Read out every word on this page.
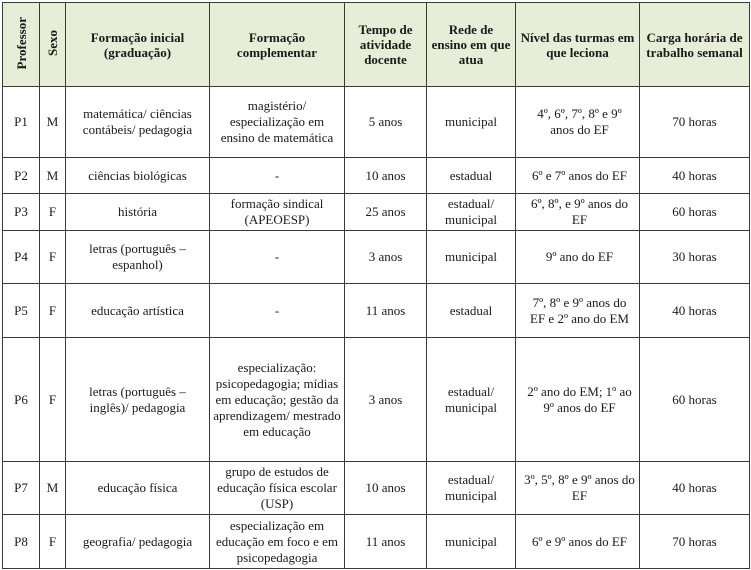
Professor	Sexo	Formação inicial (graduação)	Formação complementar	Tempo de atividade docente	Rede de ensino em que atua	Nível das turmas em que leciona	Carga horária de trabalho semanal
P1	M	matemática/ ciências contábeis/ pedagogia	magistério/ especialização em ensino de matemática	5 anos	municipal	4º, 6º, 7º, 8º e 9º anos do EF	70 horas
P2	M	ciências biológicas	-	10 anos	estadual	6º e 7º anos do EF	40 horas
P3	F	história	formação sindical (APEOESP)	25 anos	estadual/ municipal	6º, 8º, e 9º anos do EF	60 horas
P4	F	letras (português – espanhol)	-	3 anos	municipal	9º ano do EF	30 horas
P5	F	educação artística	-	11 anos	estadual	7º, 8º e 9º anos do EF e 2º ano do EM	40 horas
P6	F	letras (português – inglês)/ pedagogia	especialização: psicopedagogia; mídias em educação; gestão da aprendizagem/ mestrado em educação	3 anos	estadual/ municipal	2º ano do EM; 1º ao 9º anos do EF	60 horas
P7	M	educação física	grupo de estudos de educação física escolar (USP)	10 anos	estadual/ municipal	3º, 5º, 8º e 9º anos do EF	40 horas
P8	F	geografia/ pedagogia	especialização em educação em foco e em psicopedagogia	11 anos	municipal	6º e 9º anos do EF	70 horas
